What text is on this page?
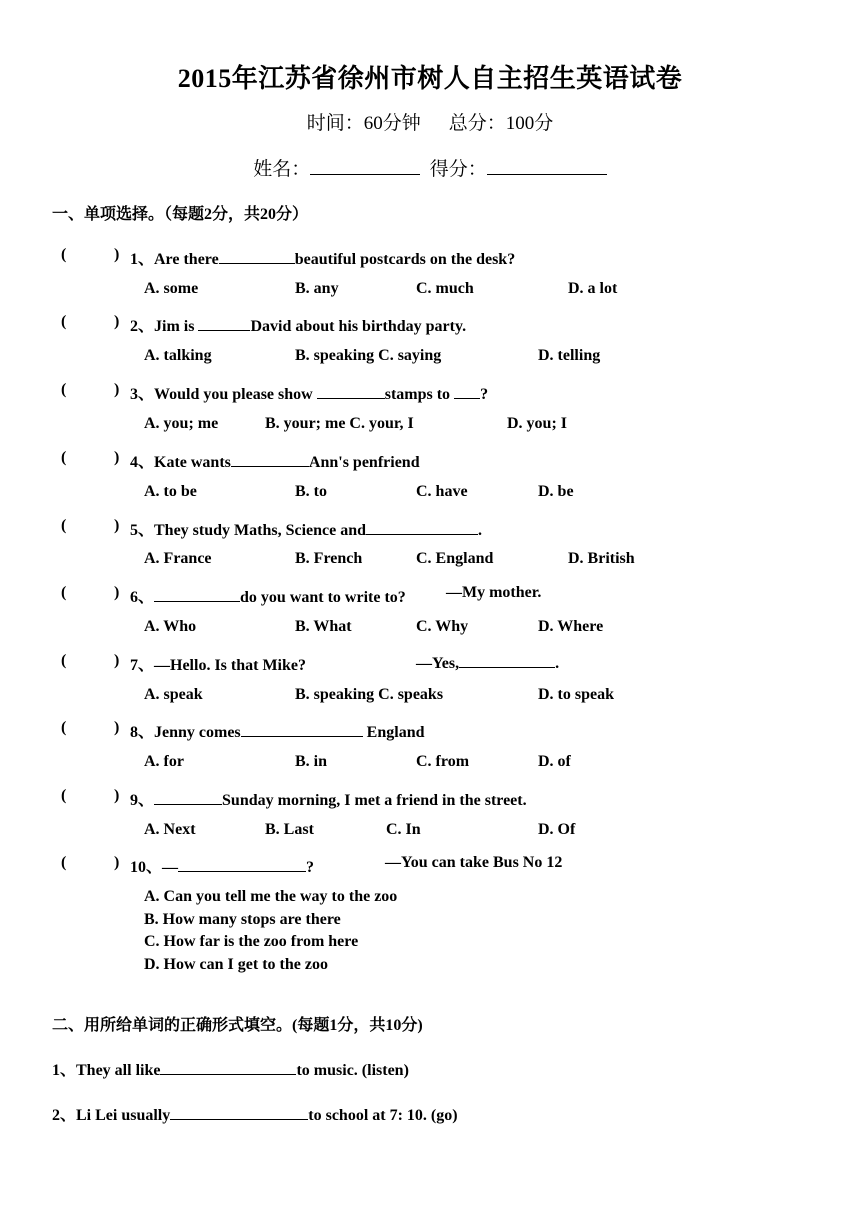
2015年江苏省徐州市树人自主招生英语试卷
时间：60分钟 总分：100分
姓名：	得分：
一、单项选择。（每题2分，共20分）
(	) 1、Are there	beautiful postcards on the desk?
A. some	B. any	C. much	D. a lot
(	) 2、Jim is	David about his birthday party.
A. talking	B. speaking C. saying	D. telling
(	) 3、Would you please show	stamps to ?
A. you; me	B. your; me C. your, I	D. you; I
(	) 4、Kate wants	Ann's penfriend
A. to be	B. to	C. have	D. be
(	) 5、They study Maths, Science and	.
A. France	B. French	C. England	D. British
(	) 6、	do you want to write to?	—My mother.
A. Who	B. What	C. Why	D. Where
(	) 7、—Hello. Is that Mike?	—Yes,	.
A. speak	B. speaking C. speaks	D. to speak
(	) 8、Jenny comes	England
A. for	B. in	C. from	D. of
(	) 9、	Sunday morning, I met a friend in the street.
A. Next	B. Last	C. In	D. Of
(	) 10、—	?	—You can take Bus No 12
A. Can you tell me the way to the zoo
B. How many stops are there
C. How far is the zoo from here
D. How can I get to the zoo
二、用所给单词的正确形式填空。(每题1分，共10分)
1、They all like	to music. (listen)
2、Li Lei usually	to school at 7: 10. (go)
